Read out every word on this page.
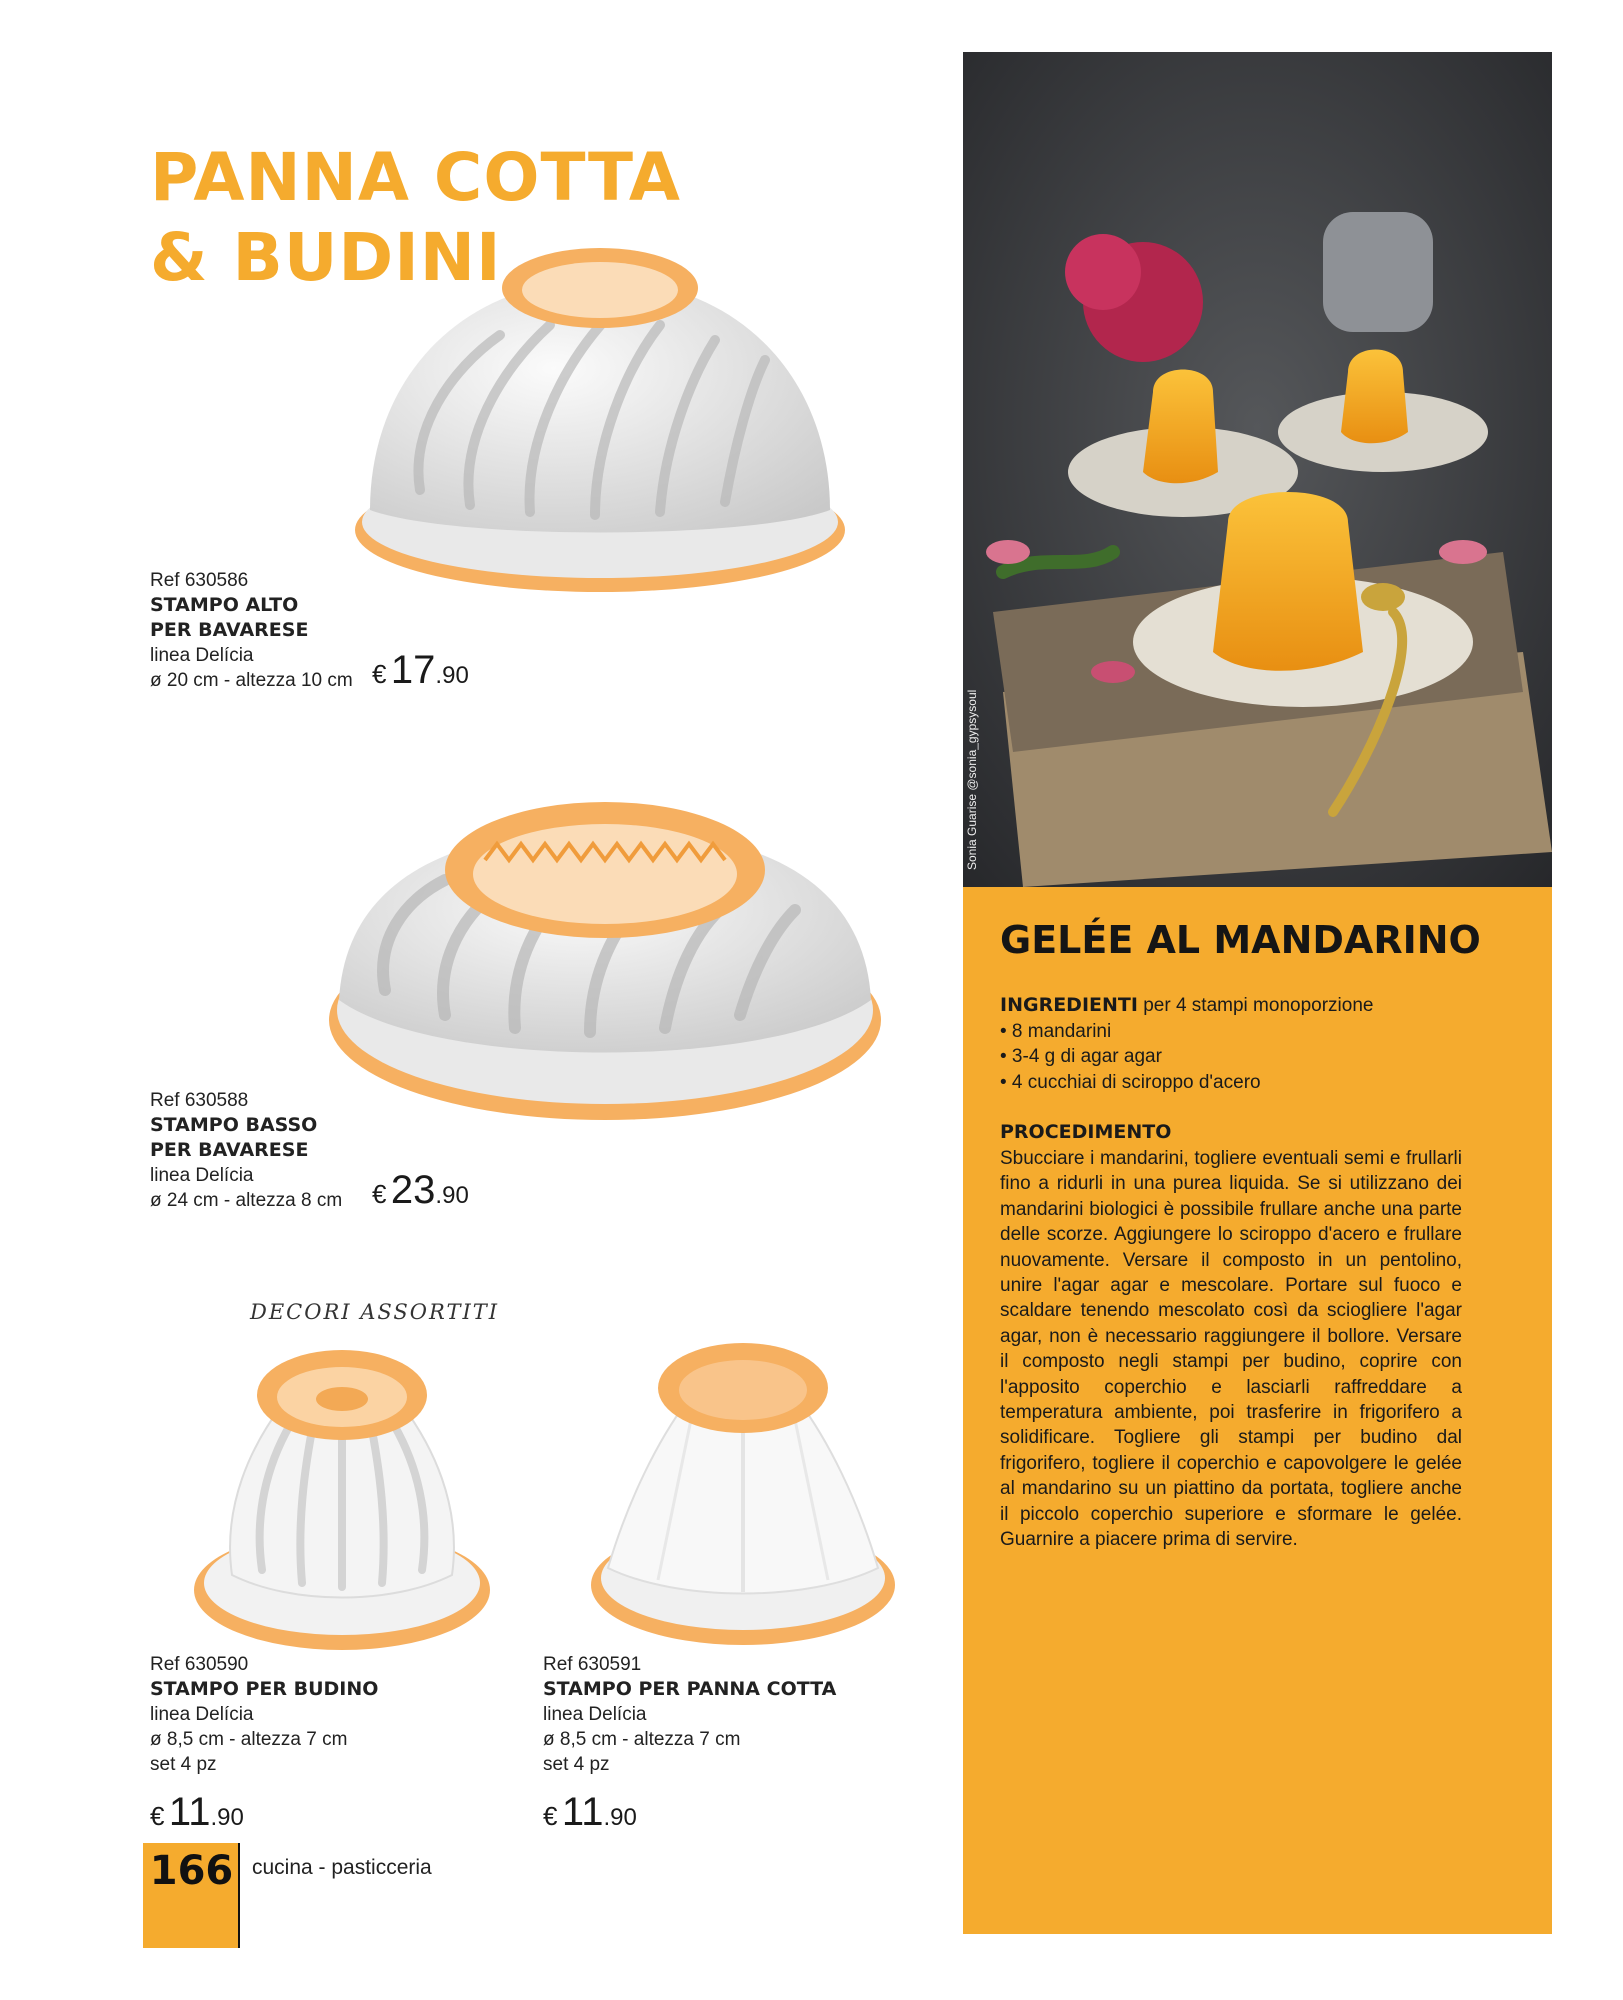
PANNA COTTA
& BUDINI
Ref 630586
STAMPO ALTO
PER BAVARESE
linea Delícia
ø 20 cm - altezza 10 cm € 17.90
Ref 630588
STAMPO BASSO
PER BAVARESE
linea Delícia
ø 24 cm - altezza 8 cm € 23.90
DECORI ASSORTITI
Ref 630590
STAMPO PER BUDINO
linea Delícia
ø 8,5 cm - altezza 7 cm
set 4 pz
€ 11.90
Ref 630591
STAMPO PER PANNA COTTA
linea Delícia
ø 8,5 cm - altezza 7 cm
set 4 pz
€ 11.90
166 cucina - pasticceria
Sonia Guarise @sonia_gypsysoul
GELÉE AL MANDARINO
INGREDIENTI per 4 stampi monoporzione
• 8 mandarini
• 3-4 g di agar agar
• 4 cucchiai di sciroppo d'acero
PROCEDIMENTO
Sbucciare i mandarini, togliere eventuali semi e frullarli fino a ridurli in una purea liquida. Se si utilizzano dei mandarini biologici è possibile frullare anche una parte delle scorze. Aggiungere lo sciroppo d'acero e frullare nuovamente. Versare il composto in un pentolino, unire l'agar agar e mescolare. Portare sul fuoco e scaldare tenendo mescolato così da sciogliere l'agar agar, non è necessario raggiungere il bollore. Versare il composto negli stampi per budino, coprire con l'apposito coperchio e lasciarli raffreddare a temperatura ambiente, poi trasferire in frigorifero a solidificare. Togliere gli stampi per budino dal frigorifero, togliere il coperchio e capovolgere le gelée al mandarino su un piattino da portata, togliere anche il piccolo coperchio superiore e sformare le gelée. Guarnire a piacere prima di servire.
